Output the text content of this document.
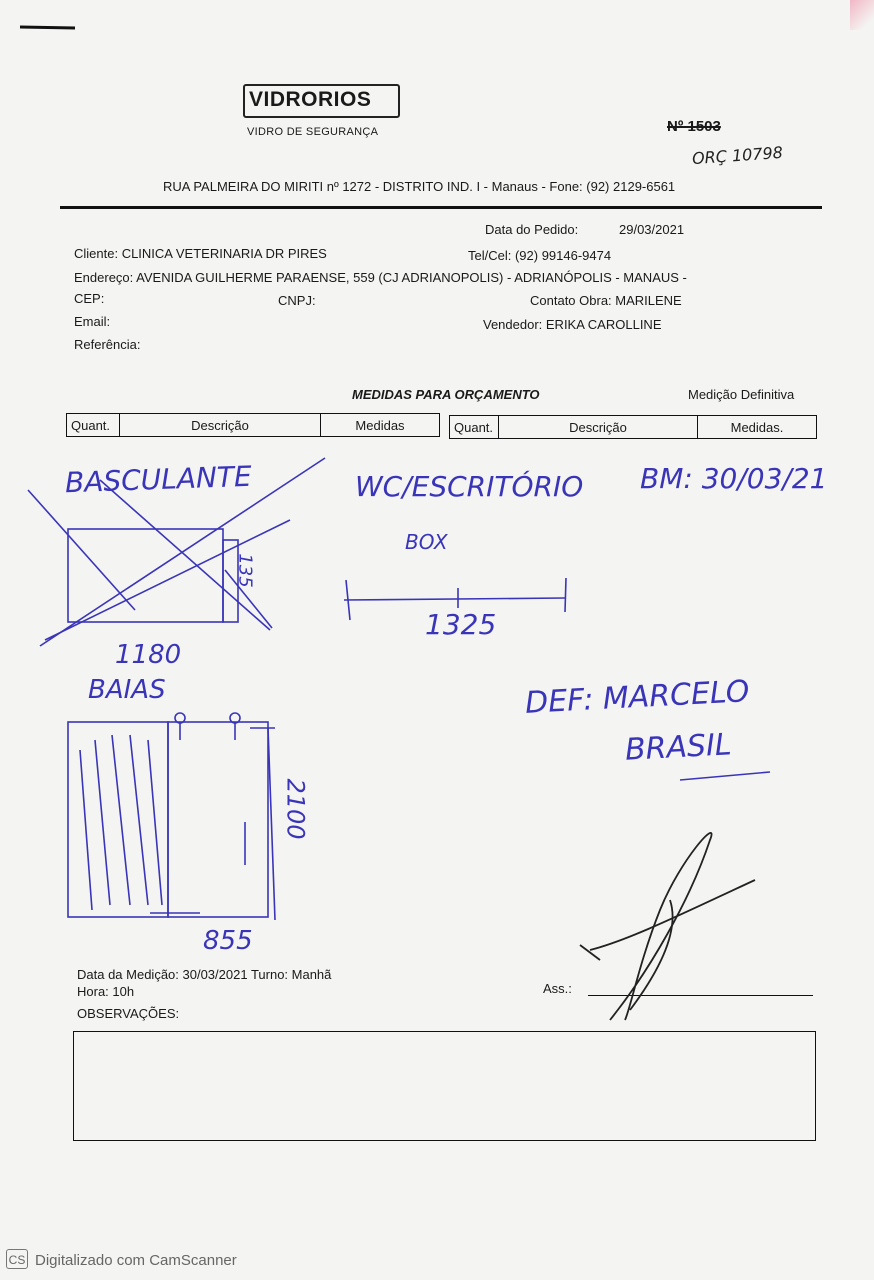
VIDRORIOS
VIDRO DE SEGURANÇA	Nº 1503
ORÇ 10798
RUA PALMEIRA DO MIRITI nº 1272 - DISTRITO IND. I - Manaus - Fone: (92) 2129-6561
Data do Pedido:	29/03/2021
Cliente: CLINICA VETERINARIA DR PIRES	Tel/Cel: (92) 99146-9474
Endereço: AVENIDA GUILHERME PARAENSE, 559 (CJ ADRIANOPOLIS) - ADRIANÓPOLIS - MANAUS -
CEP:	CNPJ:	Contato Obra: MARILENE
Email:	Vendedor: ERIKA CAROLLINE
Referência:
MEDIDAS PARA ORÇAMENTO	Medição Definitiva
Quant.	Descrição	Medidas	Quant.	Descrição	Medidas.
BASCULANTE	WC/ESCRITÓRIO BM: 30/03/21
BOX
135
1325
1180
BAIAS	DEF: MARCELO
BRASIL
2100
855
Data da Medição: 30/03/2021 Turno: Manhã
Hora: 10h
OBSERVAÇÕES:
Ass.:
CS Digitalizado com CamScanner
